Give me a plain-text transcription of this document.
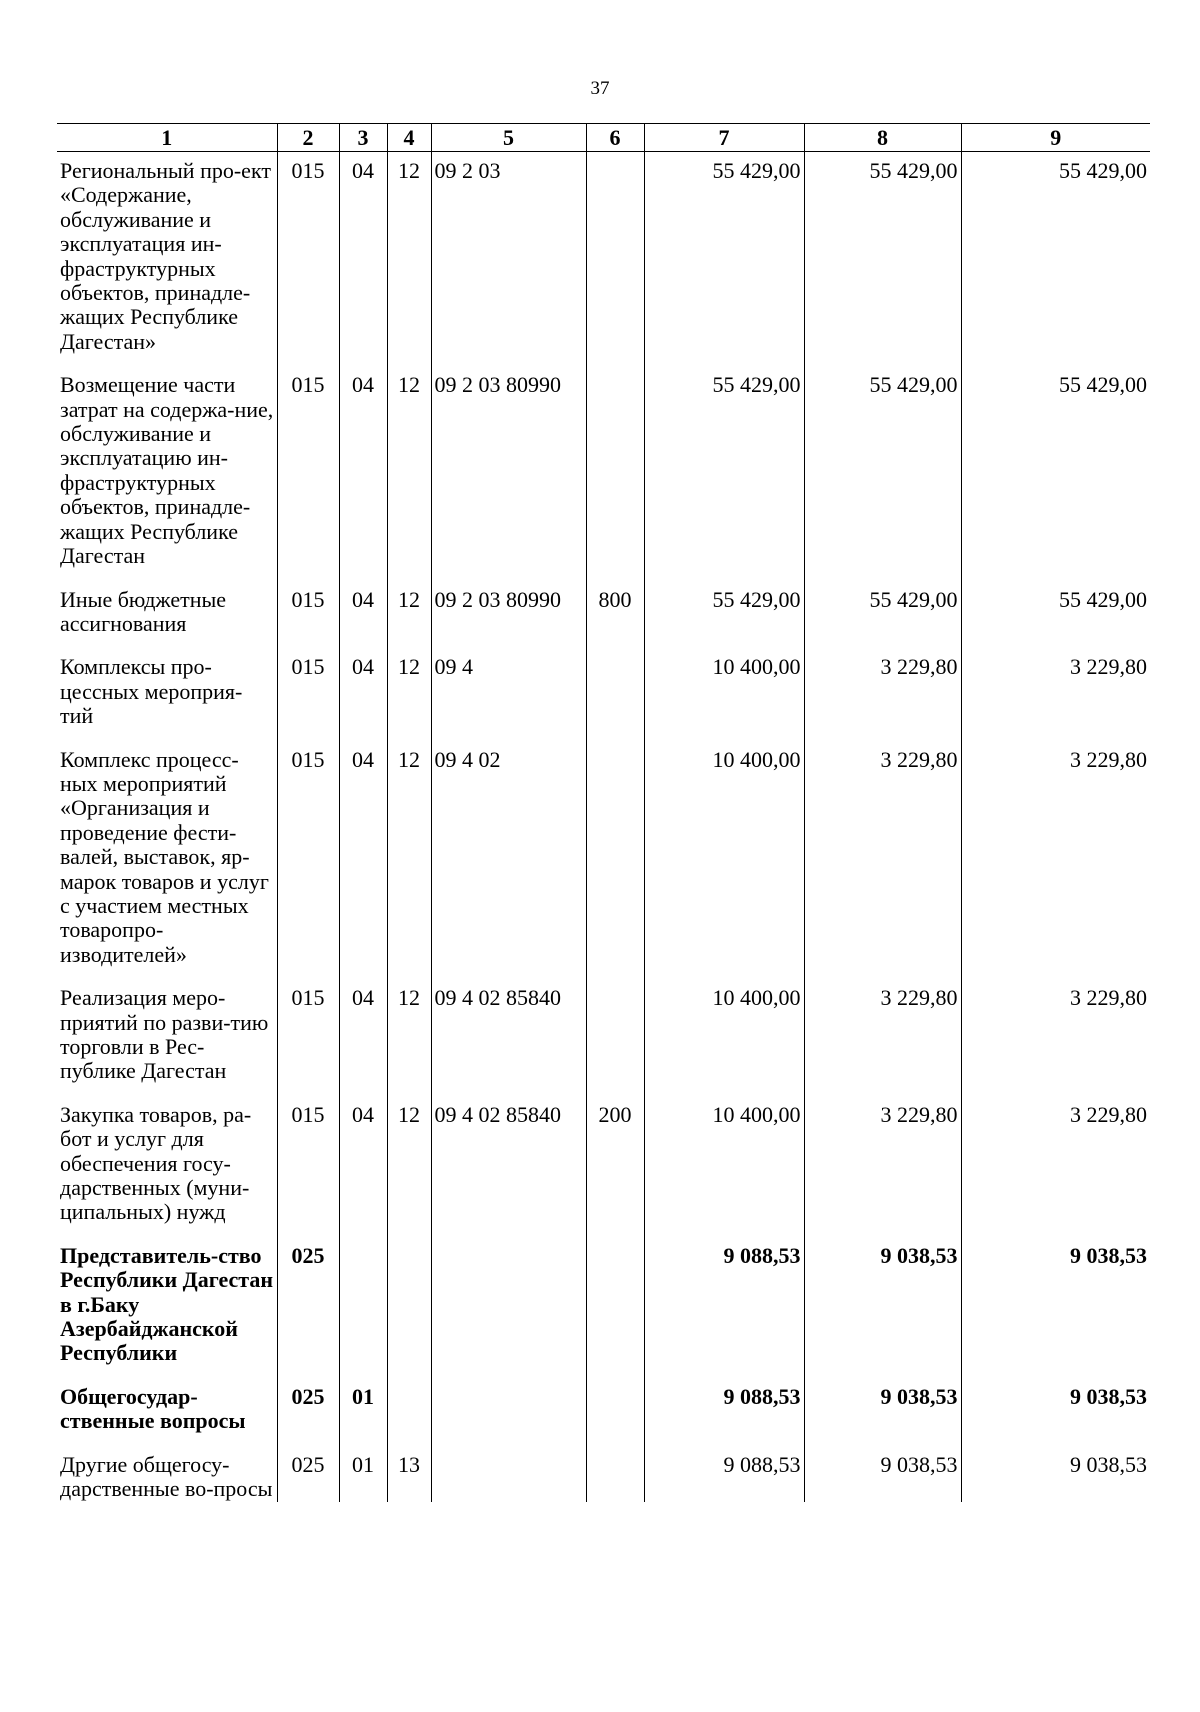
37
1	2	3	4	5	6	7	8	9
Региональный про-ект «Содержание, обслуживание и эксплуатация ин-фраструктурных объектов, принадле-жащих Республике Дагестан»	015	04	12	09 2 03		55 429,00	55 429,00	55 429,00
Возмещение части затрат на содержа-ние, обслуживание и эксплуатацию ин-фраструктурных объектов, принадле-жащих Республике Дагестан	015	04	12	09 2 03 80990		55 429,00	55 429,00	55 429,00
Иные бюджетные ассигнования	015	04	12	09 2 03 80990	800	55 429,00	55 429,00	55 429,00
Комплексы про-цессных мероприя-тий	015	04	12	09 4		10 400,00	3 229,80	3 229,80
Комплекс процесс-ных мероприятий «Организация и проведение фести-валей, выставок, яр-марок товаров и услуг с участием местных товаропро-изводителей»	015	04	12	09 4 02		10 400,00	3 229,80	3 229,80
Реализация меро-приятий по разви-тию торговли в Рес-публике Дагестан	015	04	12	09 4 02 85840		10 400,00	3 229,80	3 229,80
Закупка товаров, ра-бот и услуг для обеспечения госу-дарственных (муни-ципальных) нужд	015	04	12	09 4 02 85840	200	10 400,00	3 229,80	3 229,80
Представитель-ство Республики Дагестан в г.Баку Азербайджанской Республики	025					9 088,53	9 038,53	9 038,53
Общегосудар-ственные вопросы	025	01				9 088,53	9 038,53	9 038,53
Другие общегосу-дарственные во-просы	025	01	13			9 088,53	9 038,53	9 038,53
